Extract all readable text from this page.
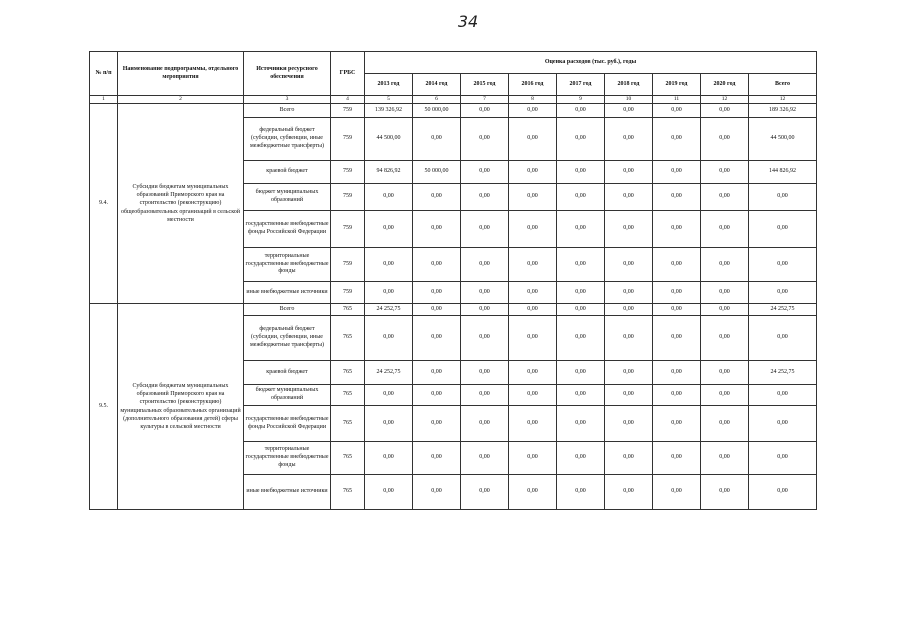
34
№ п/п	Наименование подпрограммы, отдельного мероприятия	Источники ресурсного обеспечения	ГРБС	Оценка расходов (тыс. руб.), годы								
				2013 год	2014 год	2015 год	2016 год	2017 год	2018 год	2019 год	2020 год	Всего
1	2	3	4	5	6	7	8	9	10	11	12	12
9.4.	Субсидии бюджетам муниципальных образований Приморского края на строительство (реконструкцию) общеобразовательных организаций в сельской местности	Всего	759	139 326,92	50 000,00	0,00	0,00	0,00	0,00	0,00	0,00	189 326,92
		федеральный бюджет (субсидии, субвенции, иные межбюджетные трансферты)	759	44 500,00	0,00	0,00	0,00	0,00	0,00	0,00	0,00	44 500,00
		краевой бюджет	759	94 826,92	50 000,00	0,00	0,00	0,00	0,00	0,00	0,00	144 826,92
		бюджет муниципальных образований	759	0,00	0,00	0,00	0,00	0,00	0,00	0,00	0,00	0,00
		государственные внебюджетные фонды Российской Федерации	759	0,00	0,00	0,00	0,00	0,00	0,00	0,00	0,00	0,00
		территориальные государственные внебюджетные фонды	759	0,00	0,00	0,00	0,00	0,00	0,00	0,00	0,00	0,00
		иные внебюджетные источники	759	0,00	0,00	0,00	0,00	0,00	0,00	0,00	0,00	0,00
9.5.	Субсидии бюджетам муниципальных образований Приморского края на строительство (реконструкцию) муниципальных образовательных организаций (дополнительного образования детей) сферы культуры в сельской местности	Всего	765	24 252,75	0,00	0,00	0,00	0,00	0,00	0,00	0,00	24 252,75
		федеральный бюджет (субсидии, субвенции, иные межбюджетные трансферты)	765	0,00	0,00	0,00	0,00	0,00	0,00	0,00	0,00	0,00
		краевой бюджет	765	24 252,75	0,00	0,00	0,00	0,00	0,00	0,00	0,00	24 252,75
		бюджет муниципальных образований	765	0,00	0,00	0,00	0,00	0,00	0,00	0,00	0,00	0,00
		государственные внебюджетные фонды Российской Федерации	765	0,00	0,00	0,00	0,00	0,00	0,00	0,00	0,00	0,00
		территориальные государственные внебюджетные фонды	765	0,00	0,00	0,00	0,00	0,00	0,00	0,00	0,00	0,00
		иные внебюджетные источники	765	0,00	0,00	0,00	0,00	0,00	0,00	0,00	0,00	0,00
